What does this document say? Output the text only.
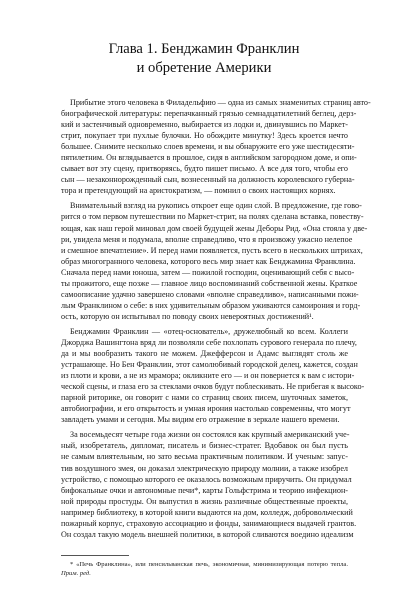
Глава 1. Бенджамин Франклин
и обретение Америки

Прибытие этого человека в Филадельфию — одна из самых знаменитых страниц авто-
биографической литературы: перепачканный грязью семнадцатилетний беглец, дерз-
кий и застенчивый одновременно, выбирается из лодки и, двинувшись по Маркет-
стрит, покупает три пухлые булочки. Но обождите минутку! Здесь кроется нечто
большее. Снимите несколько слоев времени, и вы обнаружите его уже шестидесяти-
пятилетним. Он вглядывается в прошлое, сидя в английском загородном доме, и опи-
сывает вот эту сцену, притворяясь, будто пишет письмо. А все для того, чтобы его
сын — незаконнорожденный сын, вознесенный на должность королевского губерна-
тора и претендующий на аристократизм, — помнил о своих настоящих корнях.

Внимательный взгляд на рукопись откроет еще один слой. В предложение, где гово-
рится о том первом путешествии по Маркет-стрит, на полях сделана вставка, повеству-
ющая, как наш герой миновал дом своей будущей жены Деборы Рид. «Она стояла у две-
ри, увидела меня и подумала, вполне справедливо, что я произвожу ужасно нелепое
и смешное впечатление». И перед нами появляется, пусть всего в нескольких штрихах,
образ многогранного человека, которого весь мир знает как Бенджамина Франклина.
Сначала перед нами юноша, затем — пожилой господин, оценивающий себя с высо-
ты прожитого, еще позже — главное лицо воспоминаний собственной жены. Краткое
самоописание удачно завершено словами «вполне справедливо», написанными пожи-
лым Франклином о себе: в них удивительным образом уживаются самоирония и горд-
ость, которую он испытывал по поводу своих невероятных достижений¹.

Бенджамин Франклин — «отец-основатель», дружелюбный ко всем. Коллеги
Джорджа Вашингтона вряд ли позволяли себе похлопать сурового генерала по плечу,
да и мы вообразить такого не можем. Джефферсон и Адамс выглядят столь же
устрашающе. Но Бен Франклин, этот самолюбивый городской делец, кажется, создан
из плоти и крови, а не из мрамора; окликните его — и он повернется к вам с истори-
ческой сцены, и глаза его за стеклами очков будут поблескивать. Не прибегая к высоко-
парной риторике, он говорит с нами со страниц своих писем, шуточных заметок,
автобиографии, и его открытость и умная ирония настолько современны, что могут
завладеть умами и сегодня. Мы видим его отражение в зеркале нашего времени.

За восемьдесят четыре года жизни он состоялся как крупный американский уче-
ный, изобретатель, дипломат, писатель и бизнес-стратег. Вдобавок он был пусть
не самым влиятельным, но зато весьма практичным политиком. И ученым: запус-
тив воздушного змея, он доказал электрическую природу молнии, а также изобрел
устройство, с помощью которого ее оказалось возможным приручить. Он придумал
бифокальные очки и автономные печи*, карты Гольфстрима и теорию инфекцион-
ной природы простуды. Он выпустил в жизнь различные общественные проекты,
например библиотеку, в которой книги выдаются на дом, колледж, добровольческий
пожарный корпус, страховую ассоциацию и фонды, занимающиеся выдачей грантов.
Он создал такую модель внешней политики, в которой сливаются воедино идеализм

* «Печь Франклина», или пенсильванская печь, экономичная, минимизирующая потерю тепла.
Прим. ред.
